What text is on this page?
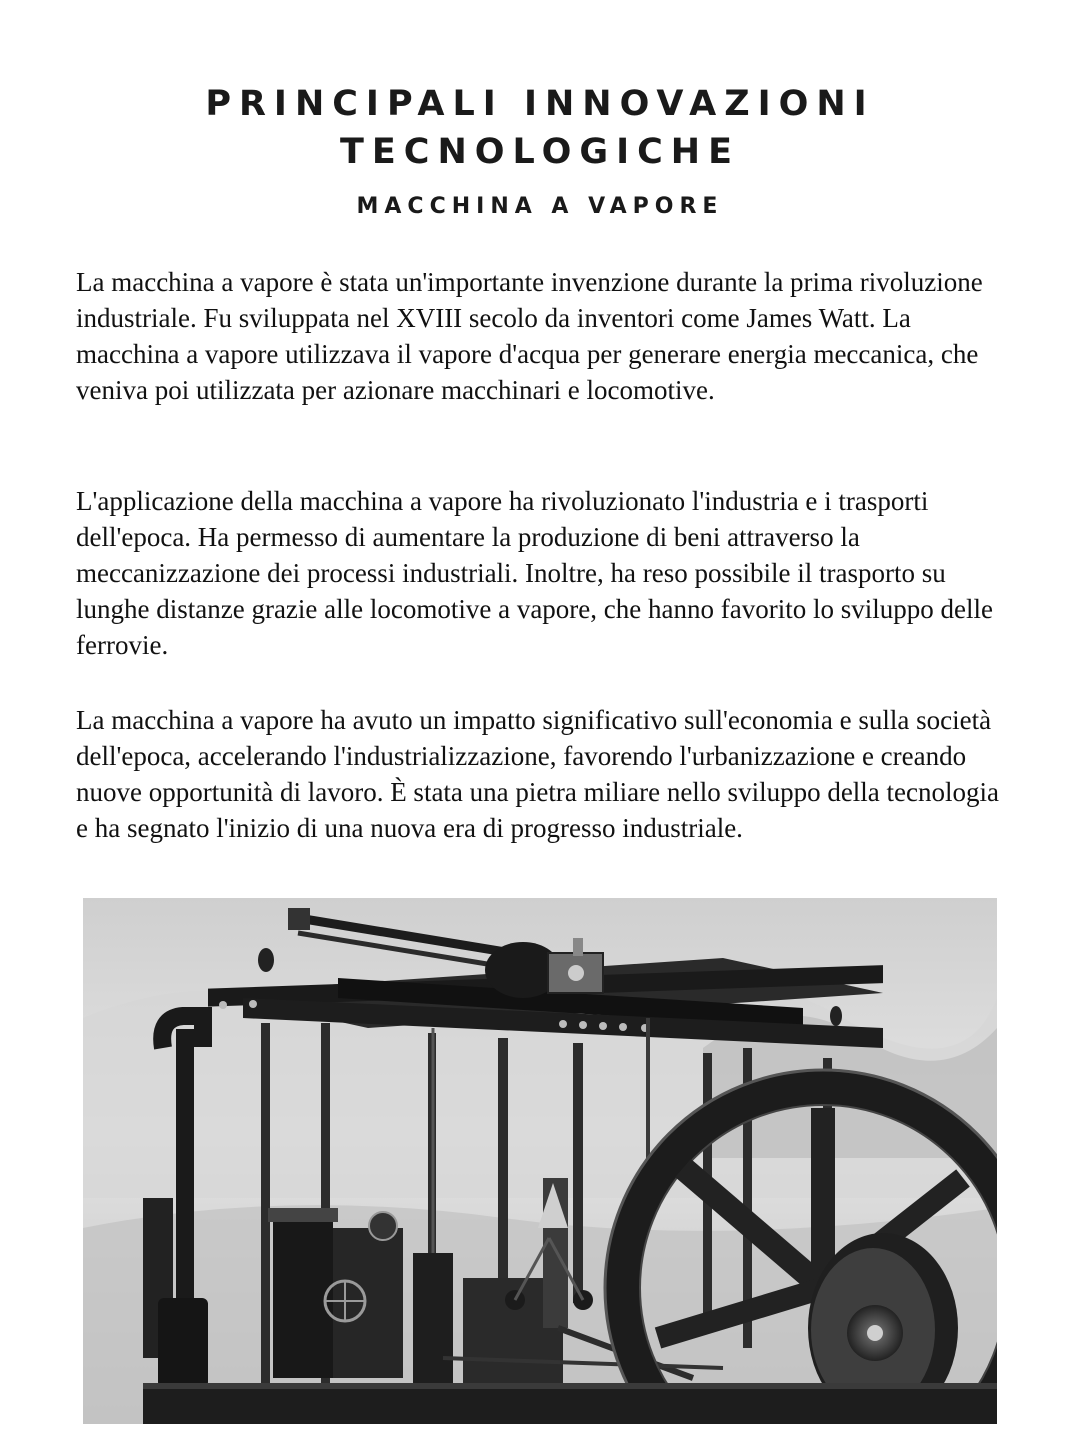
PRINCIPALI INNOVAZIONI
TECNOLOGICHE
MACCHINA A VAPORE

La macchina a vapore è stata un'importante invenzione durante la prima rivoluzione industriale. Fu sviluppata nel XVIII secolo da inventori come James Watt. La macchina a vapore utilizzava il vapore d'acqua per generare energia meccanica, che veniva poi utilizzata per azionare macchinari e locomotive.

L'applicazione della macchina a vapore ha rivoluzionato l'industria e i trasporti dell'epoca. Ha permesso di aumentare la produzione di beni attraverso la meccanizzazione dei processi industriali. Inoltre, ha reso possibile il trasporto su lunghe distanze grazie alle locomotive a vapore, che hanno favorito lo sviluppo delle ferrovie.

La macchina a vapore ha avuto un impatto significativo sull'economia e sulla società dell'epoca, accelerando l'industrializzazione, favorendo l'urbanizzazione e creando nuove opportunità di lavoro. È stata una pietra miliare nello sviluppo della tecnologia e ha segnato l'inizio di una nuova era di progresso industriale.
